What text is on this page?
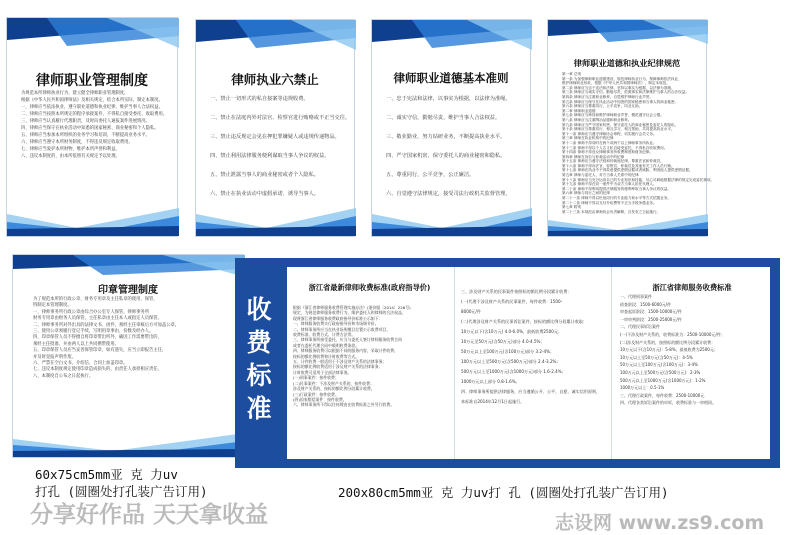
律师职业管理制度
为规范本所律师执业行为，建立健全律师职业管理制度，
根据《中华人民共和国律师法》及相关规定，结合本所实际，制定本制度。
一、律师应当依法执业，遵守职业道德和执业纪律，维护当事人合法权益。
二、律师应当按照本所规定的程序承接案件，不得私自接受委托、收取费用。
三、律师应当认真履行代理职责，及时向委托人通报案件进展情况。
四、律师应当保守在执业活动中知悉的国家秘密、商业秘密和个人隐私。
五、律师应当参加本所组织的业务学习和培训，不断提高业务水平。
六、律师应当遵守本所财务制度，不得违反规定收取费用。
七、律师应当爱护本所财物，维护本所声誉和利益。
八、违反本制度的，由本所依照有关规定予以处理。
律师执业六禁止
一、禁止一切形式的私自接案等违规收费。
二、禁止在法庭内外对法官、检察官进行贿赂或不正当交往。
三、禁止违反规定会见在押犯罪嫌疑人或违规传递物品。
四、禁止利用法律服务便利谋取当事人争议的权益。
五、禁止泄露当事人的商业秘密或者个人隐私。
六、禁止在执业活动中虚假承诺、诱导当事人。
律师职业道德基本准则
一、忠于宪法和法律，以事实为根据，以法律为准绳。
二、诚实守信，勤勉尽责，维护当事人合法权益。
三、敬业勤业，努力钻研业务，不断提高执业水平。
四、严守国家机密，保守委托人的商业秘密和隐私。
五、尊重同行，公平竞争，公正廉洁。
六、自觉遵守法律规定，接受司法行政机关监督管理。
律师职业道德和执业纪律规范
第一章 总则
第一条 为加强律师职业道德建设，规范律师执业行为，保障律师依法执业，
维护律师职业形象，根据《中华人民共和国律师法》，制定本规范。
第二条 律师应当忠于宪法和法律，坚持以事实为根据，以法律为准绳。
第三条 律师应当诚实守信，勤勉尽责，依照事实和法律维护当事人的合法权益。
第四条 律师应当注重职业修养，自觉维护律师行业声誉。
第五条 律师应当保守在执业活动中知悉的国家秘密和当事人的商业秘密。
第六条 律师应当尊重同行，公平竞争，同业互助。
第二章 律师职业道德
第七条 律师应当珍视和维护律师职业声誉，模范遵守社会公德。
第八条 律师应当注重陶冶品德和职业修养。
第九条 律师应当严守国家机密，保守委托人的商业秘密及委托人的隐私。
第十条 律师应当尊重同行，相互学习，相互帮助，共同提高执业水平。
第十一条 律师应当遵守律师协会章程，切实履行会员义务。
第三章 律师在执业机构中的纪律
第十二条 律师不得同时在两个或两个以上律师事务所执业。
第十三条 律师不得以个人名义私自接受委托，不得私自收取费用。
第十四条 律师不得违反律师事务所收费制度和财务纪律。
第四章 律师在诉讼与仲裁活动中的纪律
第十五条 律师应当遵守法庭和仲裁庭纪律，尊重法官和仲裁员。
第十六条 律师不得向法官、检察官、仲裁员及其他有关工作人员行贿。
第十七条 律师在执业中不得故意提供虚假证据或者威胁、利诱他人提供虚假证据。
第五章 律师与委托人、对方当事人关系中的纪律
第十八条 律师应当充分运用自己的专业知识和技能，尽心尽职地根据法律的规定完成委托事项。
第十九条 律师不得在同一案件中为双方当事人担任代理人。
第二十条 律师不得利用提供法律服务的便利牟取当事人争议的权益。
第六章 律师与同行之间的纪律
第二十一条 律师不得以贬低同行的专业能力和水平等方式招揽业务。
第二十二条 律师不得以支付介绍费等不正当手段争揽业务。
第七章 附则
第二十三条 本规范由律师协会负责解释，自发布之日起施行。
印章管理制度
为了规范本所的行政公章、财务专用章及主任私章的使用、保管，
特制定本管理制度。
一、律师事务所行政公章由综合办公室专人保管，律师事务所
财务专用章由财务人员保管，主任私章由主任本人或指定人员保管。
二、律师事务所对外出具的法律文书、函件，须经主任审核后方可加盖公章。
三、使用公章须履行登记手续，写明用章事由、份数及经办人。
四、印章保管人员不得擅自将印章带出所外，确因工作需要带出的，
须经主任批准，并由两人以上共同携带使用。
五、印章保管人员应当妥善保管印章，如有遗失，应当立即报告主任，
并及时登报声明作废。
六、严禁在空白文书、介绍信、合同上加盖印章。
七、违反本制度规定使用印章造成损失的，由责任人承担相应责任。
八、本制度自公布之日起执行。
收
费
标
准
浙江省最新律师收费标准(政府指导价)
根据《浙江省律师服务收费管理实施办法》(浙价服〔2014〕226号)
规定，为规范律师服务收费行为，维护委托人和律师的合法权益，
现将浙江省律师服务收费政府指导价标准公示如下：
一、律师服务收费实行政府指导价和市场调节价。
二、律师事务所应当在执业场所醒目位置公示收费项目、
收费标准、收费方式、计费方法等。
三、律师事务所接受委托，应当与委托人签订律师服务收费合同
或者在委托代理合同中载明收费条款。
四、律师服务收费可以根据不同的服务内容，采取计件收费、
按标的额比例收费和计时收费等方式。
五、计件收费一般适用于不涉及财产关系的法律事务；
按标的额比例收费适用于涉及财产关系的法律事务；
计时收费可适用于全部法律事务。
(一)刑事案件：按件收费；
(二)民事案件：不涉及财产关系的，按件收费；
涉及财产关系的，按标的额比例分段累计收费。
(三)行政案件：按件收费。
(四)国家赔偿案件：按件收费。
六、律师事务所不得以任何理由在收费标准之外另行收费。
三、涉及财产关系的民事案件按照标的额比例分段累计收费：
(一)代理不涉及财产关系的民事案件，每件收费：1500-
8000元/件
(二)代理涉及财产关系的民事诉讼案件，按标的额比例分段累计收取：
10万元以下(含10万元) 4.0-6.0%，最低收费2500元；
10万元至50万元(含50万元)部分 4.0-4.5%；
50万元以上至100万元(含100万元)部分 3.2-4%；
100万元以上至500万元(含500万元)部分 2.4-3.2%；
500万元以上至1000万元(含1000万元)部分 1.6-2.4%；
1000万元以上部分 0.8-1.6%。
四、律师事务所提供法律服务，应当遵循公开、公平、自愿、诚实信用原则，
本标准自2014年12月1日起施行。
浙江省律师服务收费标准
一、代理刑事案件
侦查阶段：1500-6000元/件
审查起诉阶段：1500-10000元/件
一审审判阶段：2500-25000元/件
二、代理民事诉讼案件
(一)不涉及财产关系的，收费标准为：2500-10000元/件；
(二)涉及财产关系的，按照标的额比例分段累计收费：
10万元以下(含10万元)：5-8%，最低收费为2500元；
10万元以上至50万元(含50万元)：4-5%
50万元以上至100万元(含100万元)：3-4%
100万元以上至500万元(含500万元)：2-3%
500万元以上至1000万元(含1000万元)：1-2%
1000万元以上：0.5-1%
三、代理行政案件，每件收费：2500-10000元
四、代理各类诉讼案件的申诉，收费标准与一审相同。
60x75cm5mm亚 克 力uv
打孔 (圆圈处打孔装广告订用)	200x80cm5mm亚 克 力uv打 孔 (圆圈处打孔装广告订用)
分享好作品 天天拿收益	志设网 www.zs9.com
